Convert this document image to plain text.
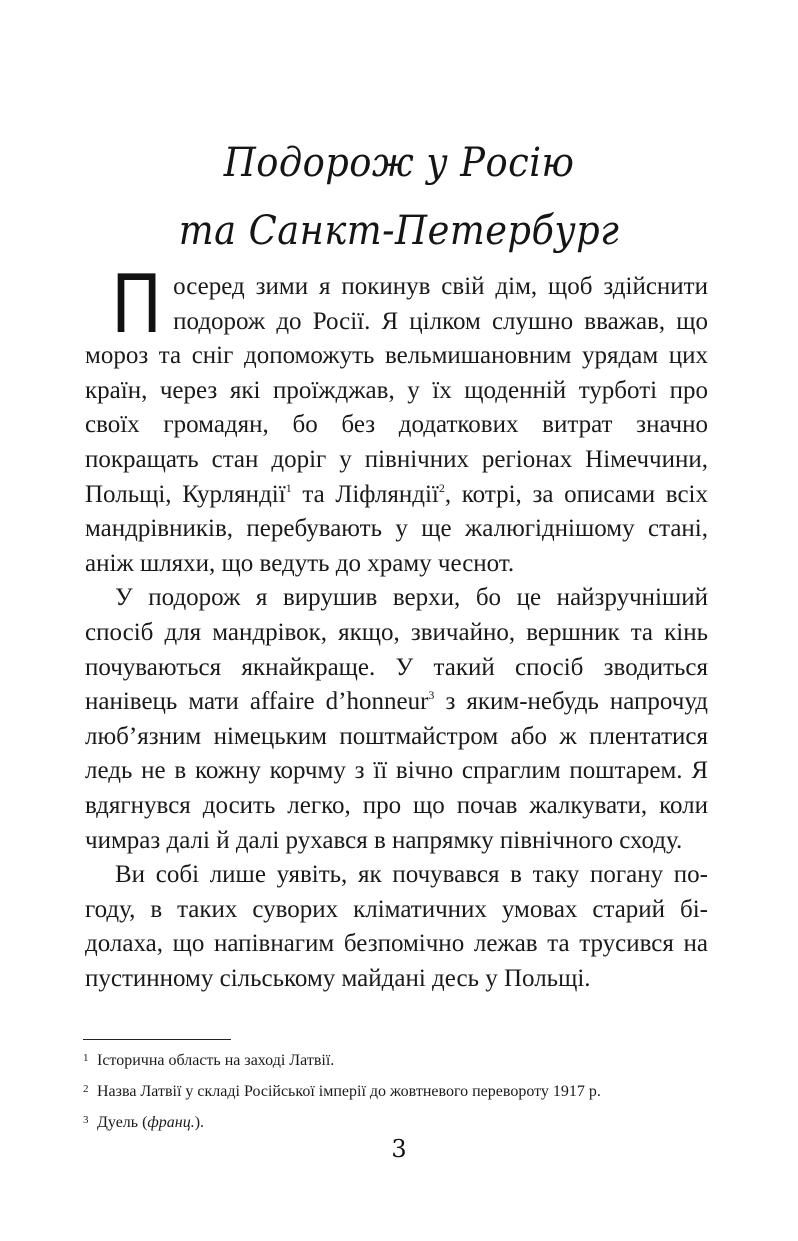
Подорож у Росію
та Санкт-Петербург

Посеред зими я покинув свій дім, щоб здійснити подорож до Росії. Я цілком слушно вважав, що мороз та сніг допоможуть вельмишановним урядам цих країн, через які проїжджав, у їх щоденній турботі про своїх громадян, бо без додаткових витрат значно покращать стан доріг у північних регіонах Німеччини, Польщі, Курляндії$^1$ та Ліфляндії$^2$, котрі, за описами всіх мандрівників, перебувають у ще жалюгіднішому стані, аніж шляхи, що ведуть до храму чеснот.

У подорож я вирушив верхи, бо це найзручніший спосіб для мандрівок, якщо, звичайно, вершник та кінь почуваються якнайкраще. У такий спосіб зводиться нанівець мати affaire d’honneur$^3$ з яким-небудь напрочуд люб’язним німецьким поштмайстром або ж плентатися ледь не в кожну корчму з її вічно спраглим поштарем. Я вдягнувся досить легко, про що почав жалкувати, коли чимраз далі й далі рухався в напрямку північного сходу.

Ви собі лише уявіть, як почувався в таку погану погоду, в таких суворих кліматичних умовах старий бідолаха, що напівнагим безпомічно лежав та трусився на пустинному сільському майдані десь у Польщі.

1 Історична область на заході Латвії.
2 Назва Латвії у складі Російської імперії до жовтневого перевороту 1917 р.
3 Дуель (франц.).
3
